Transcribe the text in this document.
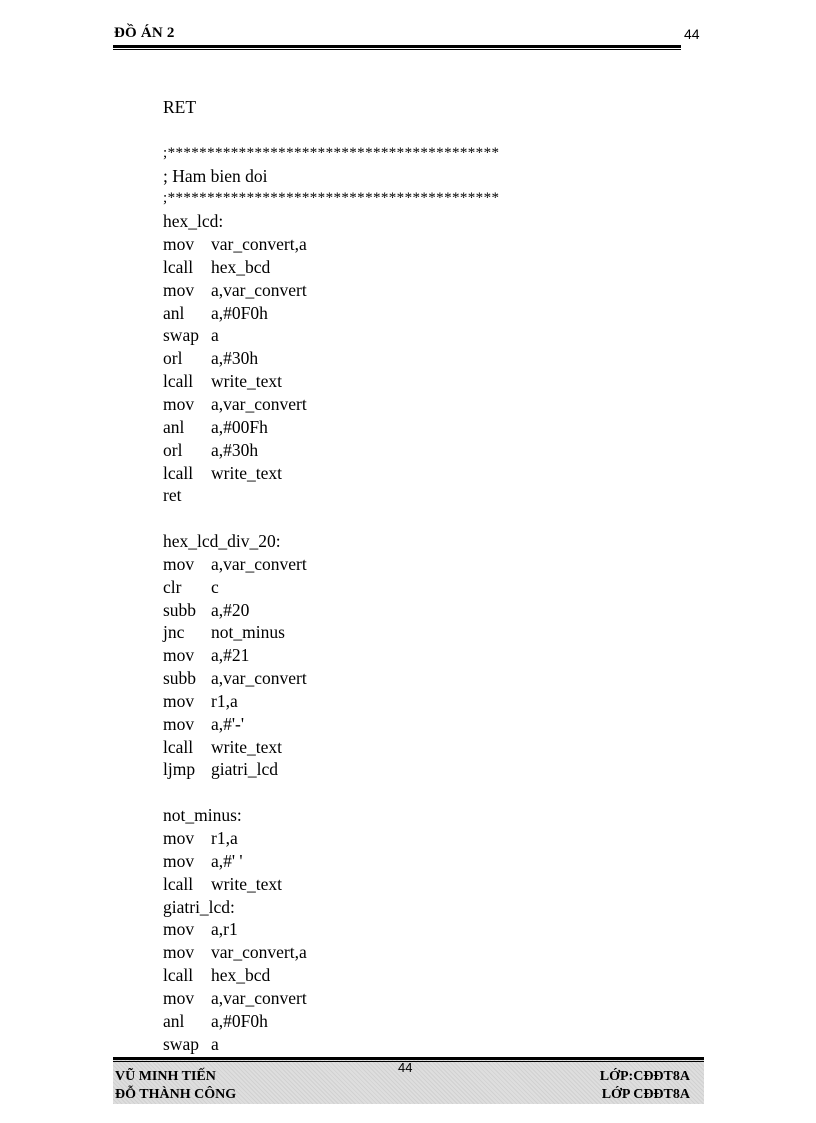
ĐỒ ÁN 2	44
RET
;******************************************
; Ham bien doi
;******************************************
hex_lcd:
mov var_convert,a
lcall	hex_bcd
mov a,var_convert
anl	a,#0F0h
swap a
orl	a,#30h
lcall	write_text
mov a,var_convert
anl	a,#00Fh
orl	a,#30h
lcall	write_text
ret
hex_lcd_div_20:
mov a,var_convert
clr	c
subb a,#20
jnc	not_minus
mov a,#21
subb a,var_convert
mov r1,a
mov a,#'-'
lcall	write_text
ljmp giatri_lcd
not_minus:
mov r1,a
mov a,#' '
lcall	write_text
giatri_lcd:
mov a,r1
mov var_convert,a
lcall	hex_bcd
mov a,var_convert
anl	a,#0F0h
swap a
VŨ MINH TIẾN
ĐỖ THÀNH CÔNG
LỚP:CĐĐT8A
LỚP CĐĐT8A
44
